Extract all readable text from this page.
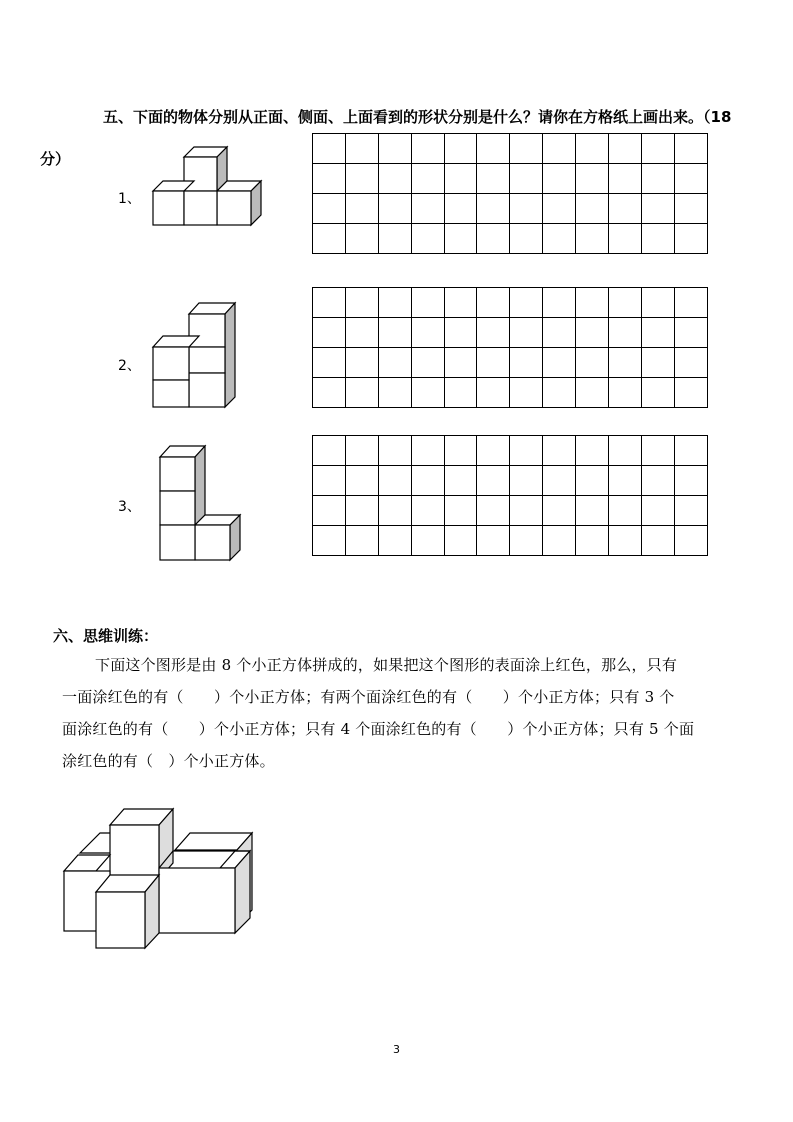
五、下面的物体分别从正面、侧面、上面看到的形状分别是什么？请你在方格纸上画出来。（18
分）
1、
2、
3、

六、思维训练：
下面这个图形是由 8 个小正方体拼成的，如果把这个图形的表面涂上红色，那么，只有
一面涂红色的有（　　）个小正方体；有两个面涂红色的有（　　）个小正方体；只有 3 个
面涂红色的有（　　）个小正方体；只有 4 个面涂红色的有（　　）个小正方体；只有 5 个面
涂红色的有（　）个小正方体。
3
